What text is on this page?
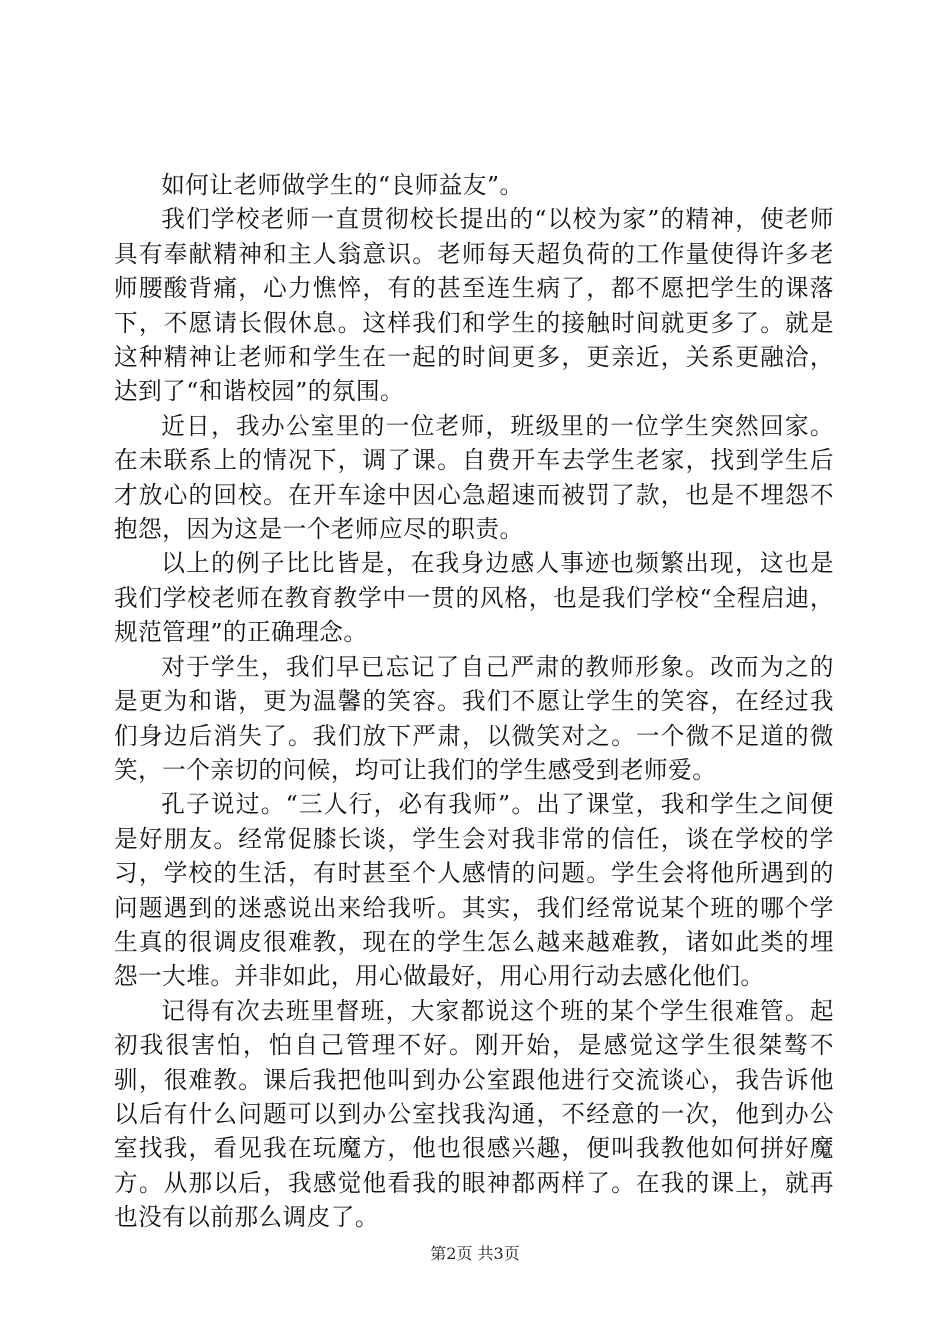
如何让老师做学生的“良师益友”。

我们学校老师一直贯彻校长提出的“以校为家”的精神，使老师具有奉献精神和主人翁意识。老师每天超负荷的工作量使得许多老师腰酸背痛，心力憔悴，有的甚至连生病了，都不愿把学生的课落下，不愿请长假休息。这样我们和学生的接触时间就更多了。就是这种精神让老师和学生在一起的时间更多，更亲近，关系更融洽，达到了“和谐校园”的氛围。

近日，我办公室里的一位老师，班级里的一位学生突然回家。在未联系上的情况下，调了课。自费开车去学生老家，找到学生后才放心的回校。在开车途中因心急超速而被罚了款，也是不埋怨不抱怨，因为这是一个老师应尽的职责。

以上的例子比比皆是，在我身边感人事迹也频繁出现，这也是我们学校老师在教育教学中一贯的风格，也是我们学校“全程启迪，规范管理”的正确理念。

对于学生，我们早已忘记了自己严肃的教师形象。改而为之的是更为和谐，更为温馨的笑容。我们不愿让学生的笑容，在经过我们身边后消失了。我们放下严肃，以微笑对之。一个微不足道的微笑，一个亲切的问候，均可让我们的学生感受到老师爱。

孔子说过。“三人行，必有我师”。出了课堂，我和学生之间便是好朋友。经常促膝长谈，学生会对我非常的信任，谈在学校的学习，学校的生活，有时甚至个人感情的问题。学生会将他所遇到的问题遇到的迷惑说出来给我听。其实，我们经常说某个班的哪个学生真的很调皮很难教，现在的学生怎么越来越难教，诸如此类的埋怨一大堆。并非如此，用心做最好，用心用行动去感化他们。

记得有次去班里督班，大家都说这个班的某个学生很难管。起初我很害怕，怕自己管理不好。刚开始，是感觉这学生很桀骜不驯，很难教。课后我把他叫到办公室跟他进行交流谈心，我告诉他以后有什么问题可以到办公室找我沟通，不经意的一次，他到办公室找我，看见我在玩魔方，他也很感兴趣，便叫我教他如何拼好魔方。从那以后，我感觉他看我的眼神都两样了。在我的课上，就再也没有以前那么调皮了。

第2页 共3页
